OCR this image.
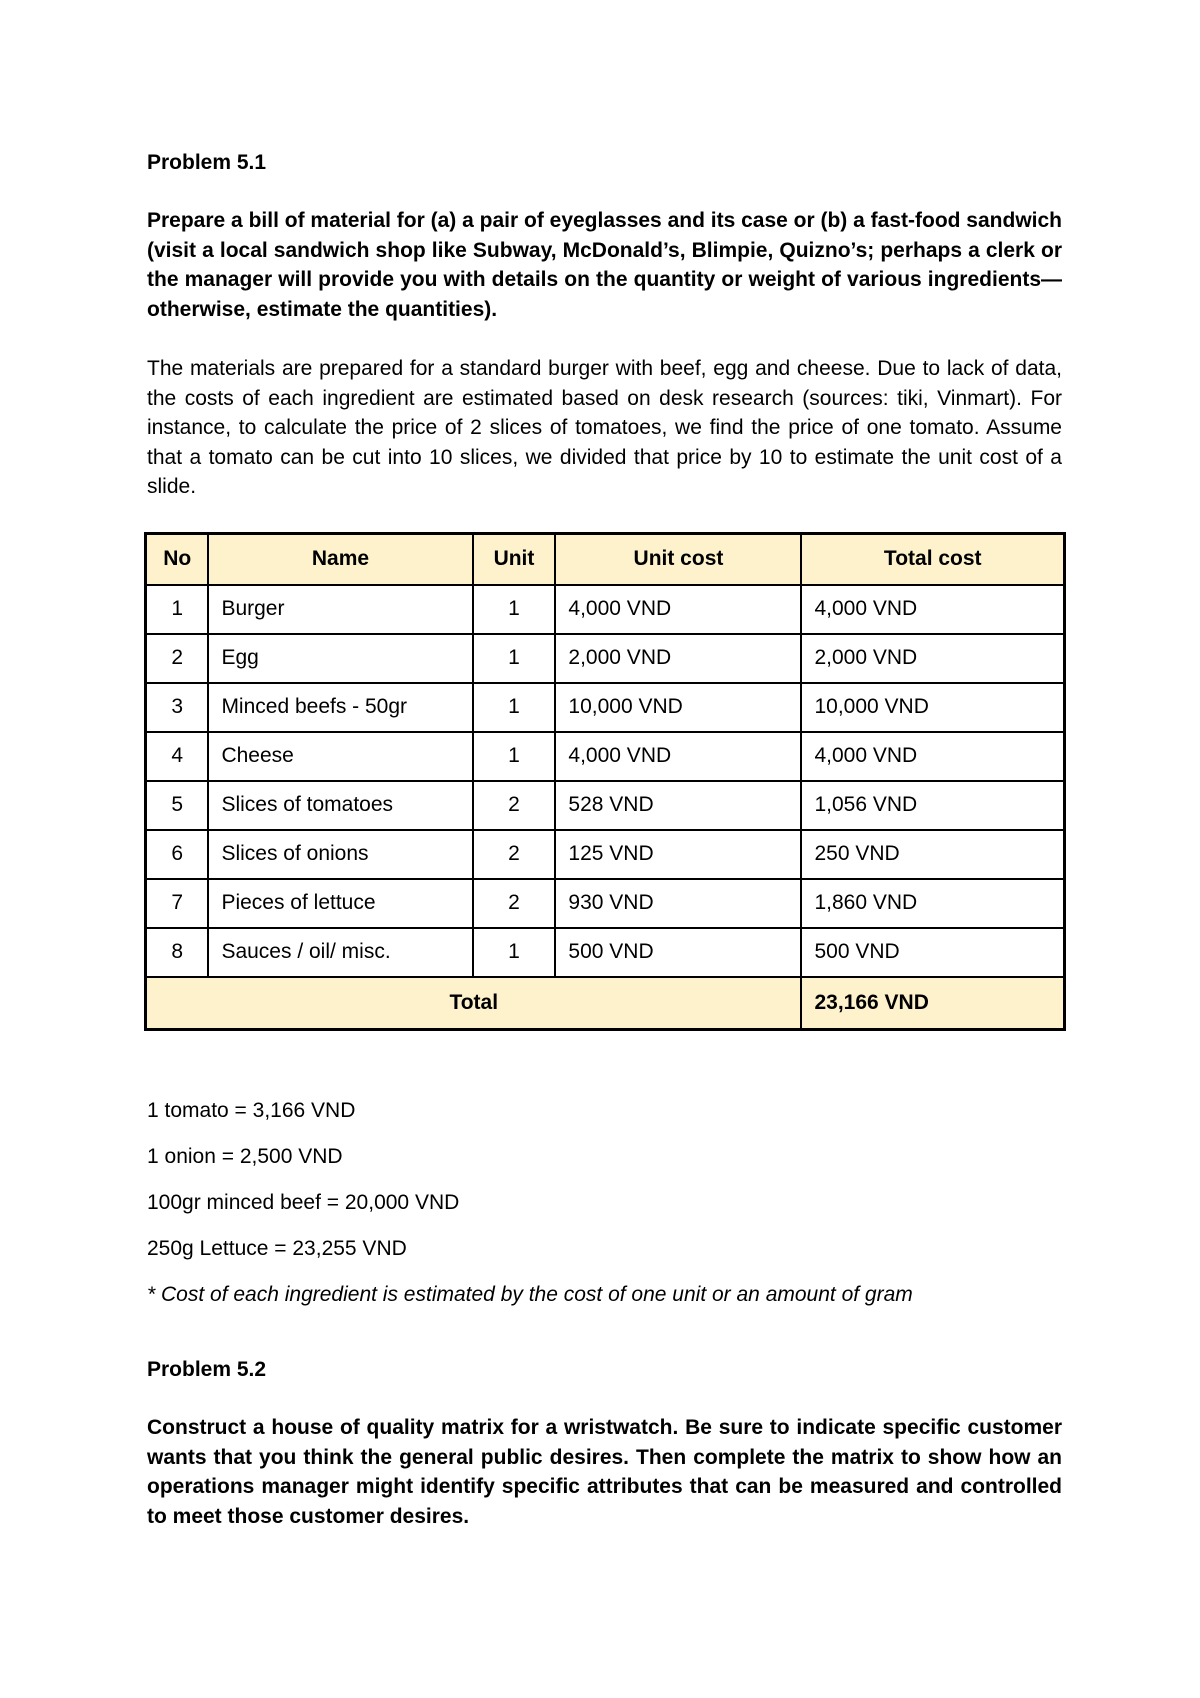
Problem 5.1

Prepare a bill of material for (a) a pair of eyeglasses and its case or (b) a fast-food sandwich (visit a local sandwich shop like Subway, McDonald’s, Blimpie, Quizno’s; perhaps a clerk or the manager will provide you with details on the quantity or weight of various ingredients—otherwise, estimate the quantities).

The materials are prepared for a standard burger with beef, egg and cheese. Due to lack of data, the costs of each ingredient are estimated based on desk research (sources: tiki, Vinmart). For instance, to calculate the price of 2 slices of tomatoes, we find the price of one tomato. Assume that a tomato can be cut into 10 slices, we divided that price by 10 to estimate the unit cost of a slide.

No	Name	Unit	Unit cost	Total cost
1	Burger	1	4,000 VND	4,000 VND
2	Egg	1	2,000 VND	2,000 VND
3	Minced beefs - 50gr	1	10,000 VND	10,000 VND
4	Cheese	1	4,000 VND	4,000 VND
5	Slices of tomatoes	2	528 VND	1,056 VND
6	Slices of onions	2	125 VND	250 VND
7	Pieces of lettuce	2	930 VND	1,860 VND
8	Sauces / oil/ misc.	1	500 VND	500 VND
Total				23,166 VND

1 tomato = 3,166 VND

1 onion = 2,500 VND

100gr minced beef = 20,000 VND

250g Lettuce = 23,255 VND

* Cost of each ingredient is estimated by the cost of one unit or an amount of gram

Problem 5.2

Construct a house of quality matrix for a wristwatch. Be sure to indicate specific customer wants that you think the general public desires. Then complete the matrix to show how an operations manager might identify specific attributes that can be measured and controlled to meet those customer desires.
